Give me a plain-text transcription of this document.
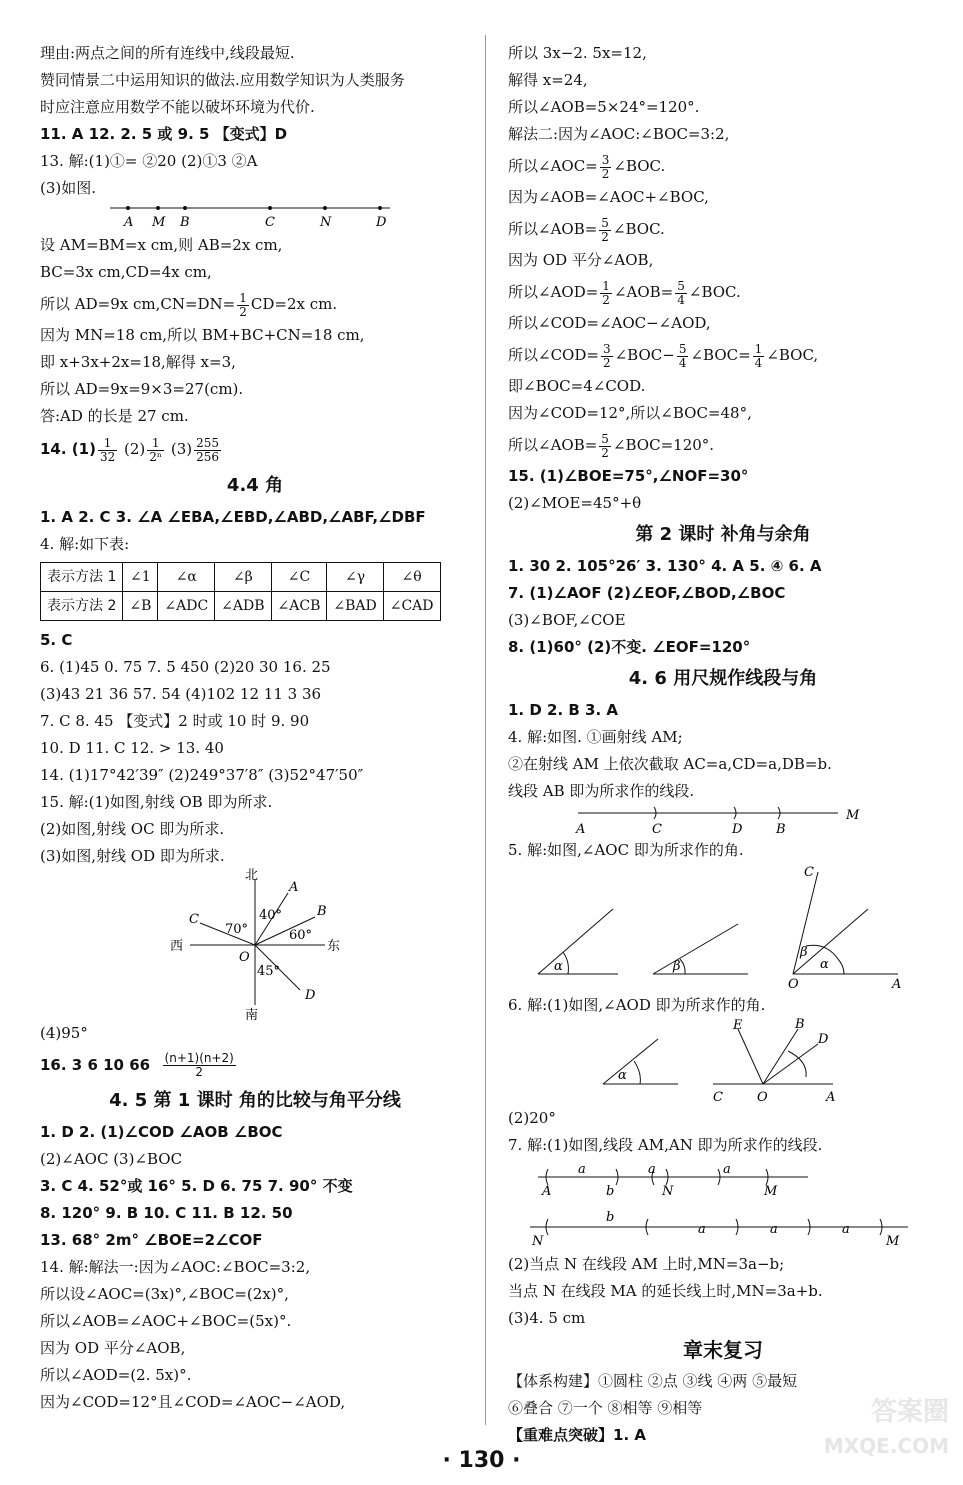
理由:两点之间的所有连线中,线段最短.
赞同情景二中运用知识的做法.应用数学知识为人类服务
时应注意应用数学不能以破坏环境为代价.
11. A 12. 2. 5 或 9. 5 【变式】D
13. 解:(1)①= ②20 (2)①3 ②A
(3)如图.
A M B	C	N	D
设 AM=BM=x cm,则 AB=2x cm,
BC=3x cm,CD=4x cm,
所以 AD=9x $cm,CN=DN= \frac{1}{2} CD=2x$ cm.
因为 MN=18 cm,所以 BM+BC+CN=18 cm,
即 x+3x+2x=18,解得 x=3,
所以 AD=9x=9×3=27(cm).
答:AD 的长是 27 cm.
14. $(1) \frac{1}{32} (2) \frac{1}{\text{2ⁿ}} (3) \frac{255}{256}$
4.4 角
1. A 2. C 3. ∠A ∠EBA,∠EBD,∠ABD,∠ABF,∠DBF
4. 解:如下表:
表示方法 1	∠1	∠α	∠β	∠C	∠γ	∠θ
表示方法 2	∠B	∠ADC	∠ADB	∠ACB	∠BAD	∠CAD
5. C
6. (1)45 0. 75 7. 5 450 (2)20 30 16. 25
(3)43 21 36 57. 54 (4)102 12 11 3 36
7. C 8. 45 【变式】2 时或 10 时 9. 90
10. D 11. C 12. > 13. 40
14. (1)17°42′39″ (2)249°37′8″ (3)52°47′50″
15. 解:(1)如图,射线 OB 即为所求.
(2)如图,射线 OC 即为所求.
(3)如图,射线 OD 即为所求.
北
南
东
西
O
A
B
C
D
70°
40°
60°
45°
(4)95°
16. 3 6 10 $66 \frac{(n+1)(n+2)}{2}$
4. 5 第 1 课时 角的比较与角平分线
1. D 2. (1)∠COD ∠AOB ∠BOC
(2)∠AOC (3)∠BOC
3. C 4. 52°或 16° 5. D 6. 75 7. 90° 不变
8. 120° 9. B 10. C 11. B 12. 50
13. 68° 2m° ∠BOE=2∠COF
14. 解:解法一:因为∠AOC:∠BOC=3:2,
所以设∠AOC=(3x)°,∠BOC=(2x)°,
所以∠AOB=∠AOC+∠BOC=(5x)°.
因为 OD 平分∠AOB,
所以∠AOD=(2. 5x)°.
因为∠COD=12°且∠COD=∠AOC−∠AOD,
所以 3x−2. 5x=12,
解得 x=24,
所以∠AOB=5×24°=120°.
解法二:因为∠AOC:∠BOC=3:2,
所以∠AOC= $\frac{3}{2}$ ∠BOC.
因为∠AOB=∠AOC+∠BOC,
所以∠AOB= $\frac{5}{2}$ ∠BOC.
因为 OD 平分∠AOB,
所以∠AOD= $\frac{1}{2}$ ∠AOB= $\frac{5}{4}$ ∠BOC.
所以∠COD=∠AOC−∠AOD,
所以∠COD= $\frac{3}{2}$ ∠BOC− $\frac{5}{4}$ ∠BOC= $\frac{1}{4}$ ∠BOC,
即∠BOC=4∠COD.
因为∠COD=12°,所以∠BOC=48°,
所以∠AOB= $\frac{5}{2}$ ∠BOC=120°.
15. (1)∠BOE=75°,∠NOF=30°
(2)∠MOE=45°+θ
第 2 课时 补角与余角
1. 30 2. 105°26′ 3. 130° 4. A 5. ④ 6. A
7. (1)∠AOF (2)∠EOF,∠BOD,∠BOC
(3)∠BOF,∠COE
8. (1)60° (2)不变. ∠EOF=120°
4. 6 用尺规作线段与角
1. D 2. B 3. A
4. 解:如图. ①画射线 AM;
②在射线 AM 上依次截取 AC=a,CD=a,DB=b.
线段 AB 即为所求作的线段.
A	C	D	B
M
5. 解:如图,∠AOC 即为所求作的角.
α	β
β
α
C
O	A
6. 解:(1)如图,∠AOD 即为所求作的角.
α
E	B
D
C	O	A
(2)20°
7. 解:(1)如图,线段 AM,AN 即为所求作的线段.
A
a
b
a
N
a
M
N
b
a	a	a
M
(2)当点 N 在线段 AM 上时,MN=3a−b;
当点 N 在线段 MA 的延长线上时,MN=3a+b.
(3)4. 5 cm
章末复习
【体系构建】①圆柱 ②点 ③线 ④两 ⑤最短
⑥叠合 ⑦一个 ⑧相等 ⑨相等
【重难点突破】1. A
· 130 ·
答案圈
MXQE.COM
